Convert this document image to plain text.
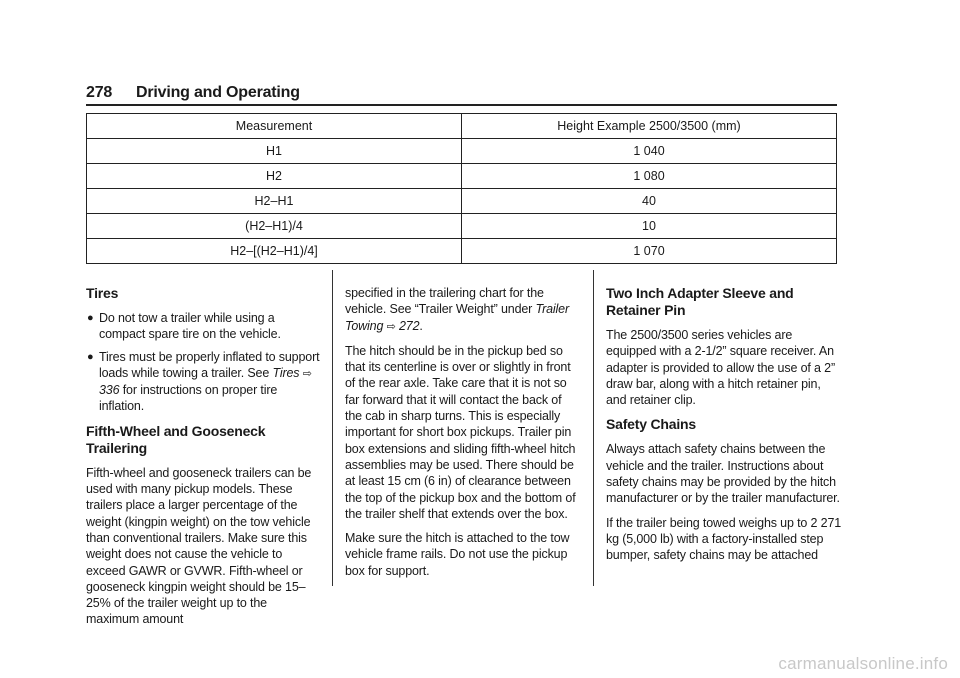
278 Driving and Operating
Measurement	Height Example 2500/3500 (mm)
H1	1 040
H2	1 080
H2–H1	40
(H2–H1)/4	10
H2–[(H2–H1)/4]	1 070
Tires
● Do not tow a trailer while using a compact spare tire on the vehicle.
● Tires must be properly inflated to support loads while towing a trailer. See Tires ⇨ 336 for instructions on proper tire inflation.
Fifth-Wheel and Gooseneck Trailering

Fifth-wheel and gooseneck trailers can be used with many pickup models. These trailers place a larger percentage of the weight (kingpin weight) on the tow vehicle than conventional trailers. Make sure this weight does not cause the vehicle to exceed GAWR or GVWR. Fifth-wheel or gooseneck kingpin weight should be 15–25% of the trailer weight up to the maximum amount

specified in the trailering chart for the vehicle. See “Trailer Weight” under Trailer Towing ⇨ 272.

The hitch should be in the pickup bed so that its centerline is over or slightly in front of the rear axle. Take care that it is not so far forward that it will contact the back of the cab in sharp turns. This is especially important for short box pickups. Trailer pin box extensions and sliding fifth-wheel hitch assemblies may be used. There should be at least 15 cm (6 in) of clearance between the top of the pickup box and the bottom of the trailer shelf that extends over the box.

Make sure the hitch is attached to the tow vehicle frame rails. Do not use the pickup box for support.

Two Inch Adapter Sleeve and Retainer Pin

The 2500/3500 series vehicles are equipped with a 2-1/2” square receiver. An adapter is provided to allow the use of a 2” draw bar, along with a hitch retainer pin, and retainer clip.

Safety Chains

Always attach safety chains between the vehicle and the trailer. Instructions about safety chains may be provided by the hitch manufacturer or by the trailer manufacturer.

If the trailer being towed weighs up to 2 271 kg (5,000 lb) with a factory-installed step bumper, safety chains may be attached

carmanualsonline.info
